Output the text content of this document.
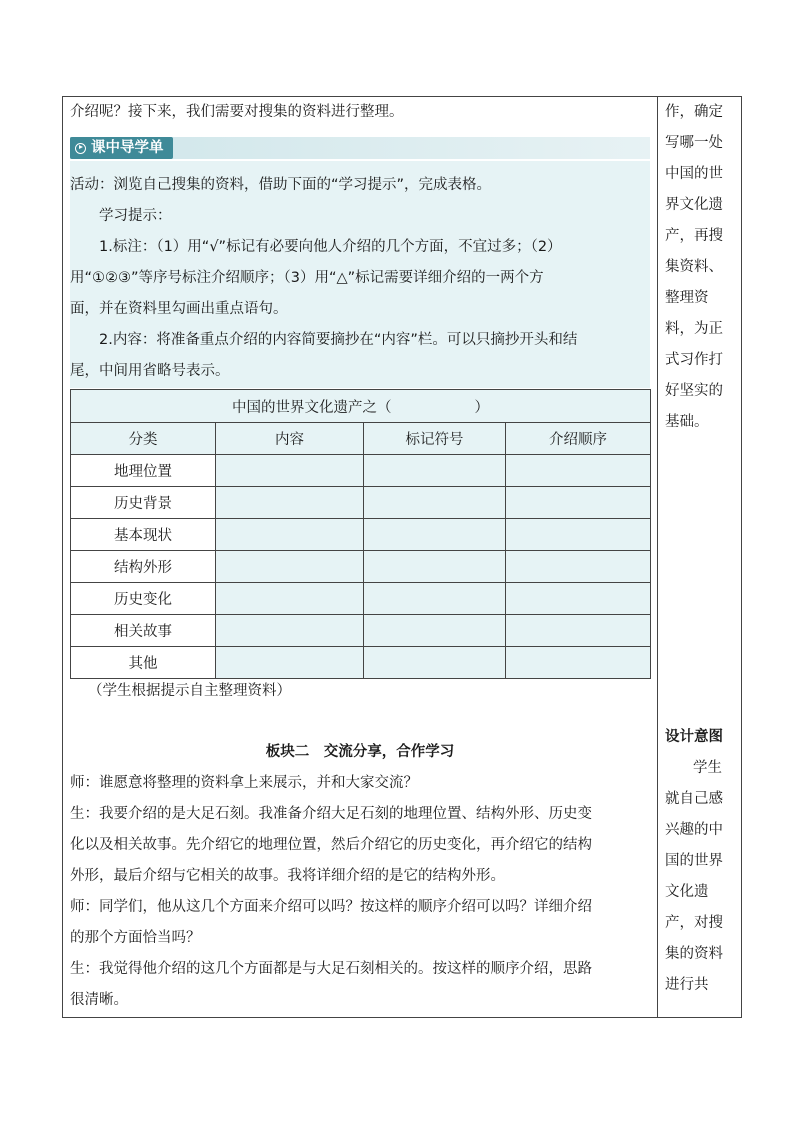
介绍呢？接下来，我们需要对搜集的资料进行整理。

课中导学单

活动：浏览自己搜集的资料，借助下面的“学习提示”，完成表格。

学习提示：

1.标注：（1）用“√”标记有必要向他人介绍的几个方面，不宜过多；（2）

用“①②③”等序号标注介绍顺序；（3）用“△”标记需要详细介绍的一两个方

面，并在资料里勾画出重点语句。

2.内容：将准备重点介绍的内容简要摘抄在“内容”栏。可以只摘抄开头和结

尾，中间用省略号表示。

中国的世界文化遗产之（                  ）			
分类	内容	标记符号	介绍顺序
地理位置			
历史背景			
基本现状			
结构外形			
历史变化			
相关故事			
其他			
（学生根据提示自主整理资料）
板块二　交流分享，合作学习

师：谁愿意将整理的资料拿上来展示，并和大家交流？

生：我要介绍的是大足石刻。我准备介绍大足石刻的地理位置、结构外形、历史变

化以及相关故事。先介绍它的地理位置，然后介绍它的历史变化，再介绍它的结构

外形，最后介绍与它相关的故事。我将详细介绍的是它的结构外形。

师：同学们，他从这几个方面来介绍可以吗？按这样的顺序介绍可以吗？详细介绍

的那个方面恰当吗？

生：我觉得他介绍的这几个方面都是与大足石刻相关的。按这样的顺序介绍，思路

很清晰。

作，确定
写哪一处
中国的世
界文化遗
产，再搜
集资料、
整理资
料，为正
式习作打
好坚实的
基础。
设计意图
学生
就自己感
兴趣的中
国的世界
文化遗
产，对搜
集的资料
进行共
